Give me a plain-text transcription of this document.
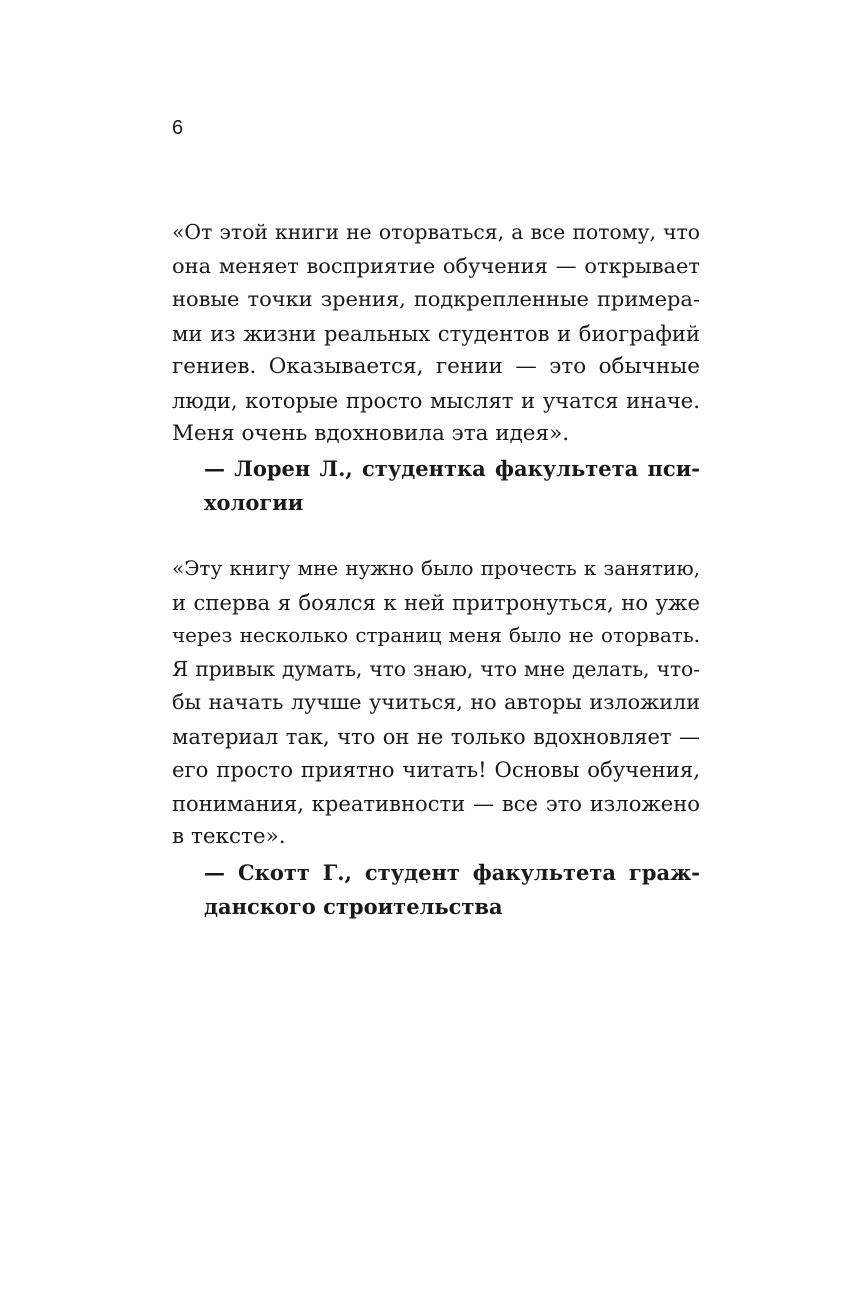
6
«От этой книги не оторваться, а все потому, что
она меняет восприятие обучения — открывает
новые точки зрения, подкрепленные примера-
ми из жизни реальных студентов и биографий
гениев. Оказывается, гении — это обычные
люди, которые просто мыслят и учатся иначе.
Меня очень вдохновила эта идея».
— Лорен Л., студентка факультета пси-
хологии
«Эту книгу мне нужно было прочесть к занятию,
и сперва я боялся к ней притронуться, но уже
через несколько страниц меня было не оторвать.
Я привык думать, что знаю, что мне делать, что-
бы начать лучше учиться, но авторы изложили
материал так, что он не только вдохновляет —
его просто приятно читать! Основы обучения,
понимания, креативности — все это изложено
в тексте».
— Скотт Г., студент факультета граж-
данского строительства
